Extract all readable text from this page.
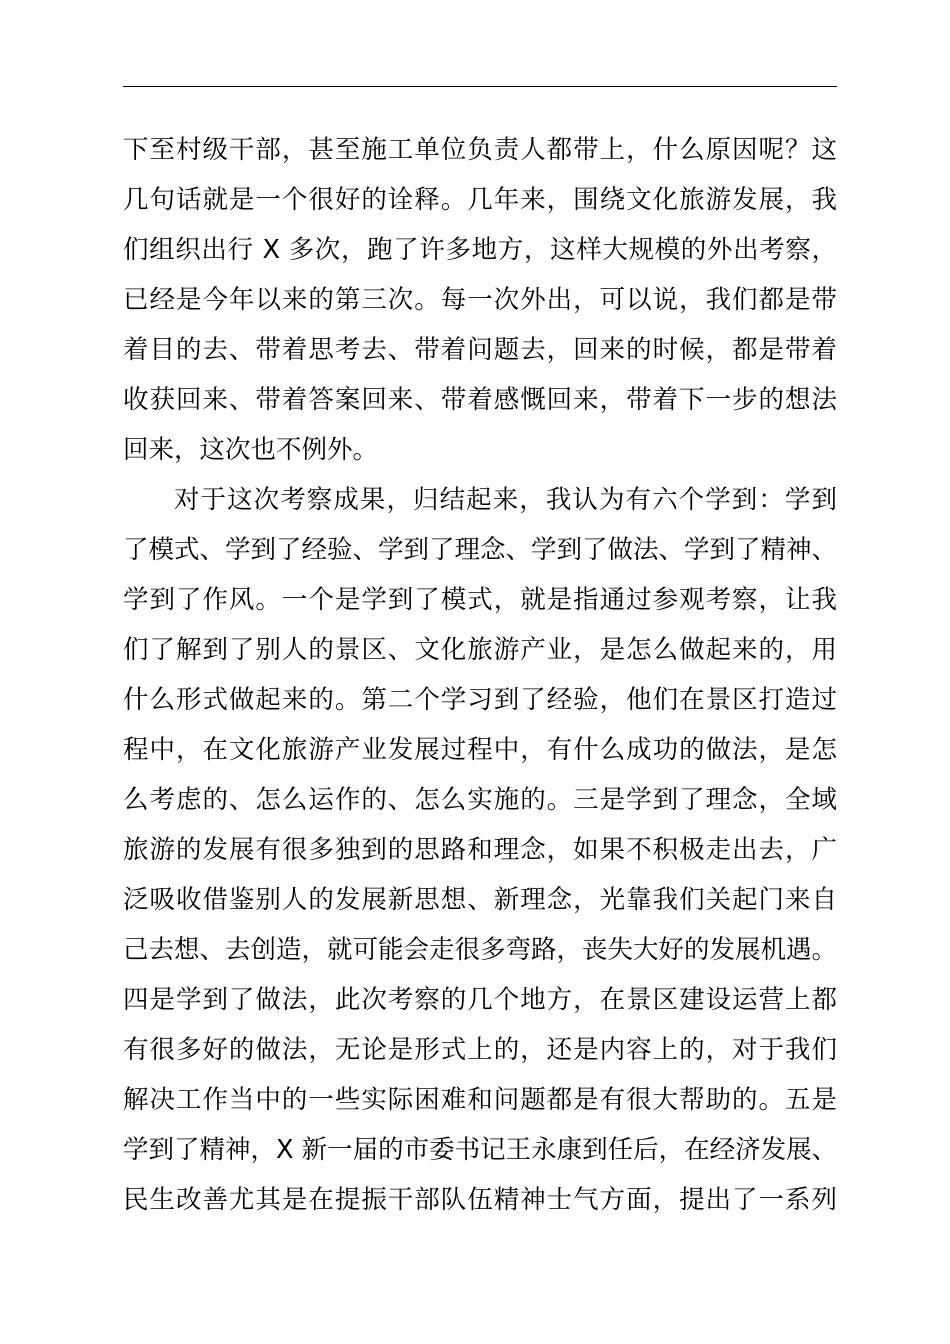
下至村级干部，甚至施工单位负责人都带上，什么原因呢？这
几句话就是一个很好的诠释。几年来，围绕文化旅游发展，我
们组织出行 X 多次，跑了许多地方，这样大规模的外出考察，
已经是今年以来的第三次。每一次外出，可以说，我们都是带
着目的去、带着思考去、带着问题去，回来的时候，都是带着
收获回来、带着答案回来、带着感慨回来，带着下一步的想法
回来，这次也不例外。
对于这次考察成果，归结起来，我认为有六个学到：学到
了模式、学到了经验、学到了理念、学到了做法、学到了精神、
学到了作风。一个是学到了模式，就是指通过参观考察，让我
们了解到了别人的景区、文化旅游产业，是怎么做起来的，用
什么形式做起来的。第二个学习到了经验，他们在景区打造过
程中，在文化旅游产业发展过程中，有什么成功的做法，是怎
么考虑的、怎么运作的、怎么实施的。三是学到了理念，全域
旅游的发展有很多独到的思路和理念，如果不积极走出去，广
泛吸收借鉴别人的发展新思想、新理念，光靠我们关起门来自
己去想、去创造，就可能会走很多弯路，丧失大好的发展机遇。
四是学到了做法，此次考察的几个地方，在景区建设运营上都
有很多好的做法，无论是形式上的，还是内容上的，对于我们
解决工作当中的一些实际困难和问题都是有很大帮助的。五是
学到了精神，X 新一届的市委书记王永康到任后，在经济发展、
民生改善尤其是在提振干部队伍精神士气方面，提出了一系列
